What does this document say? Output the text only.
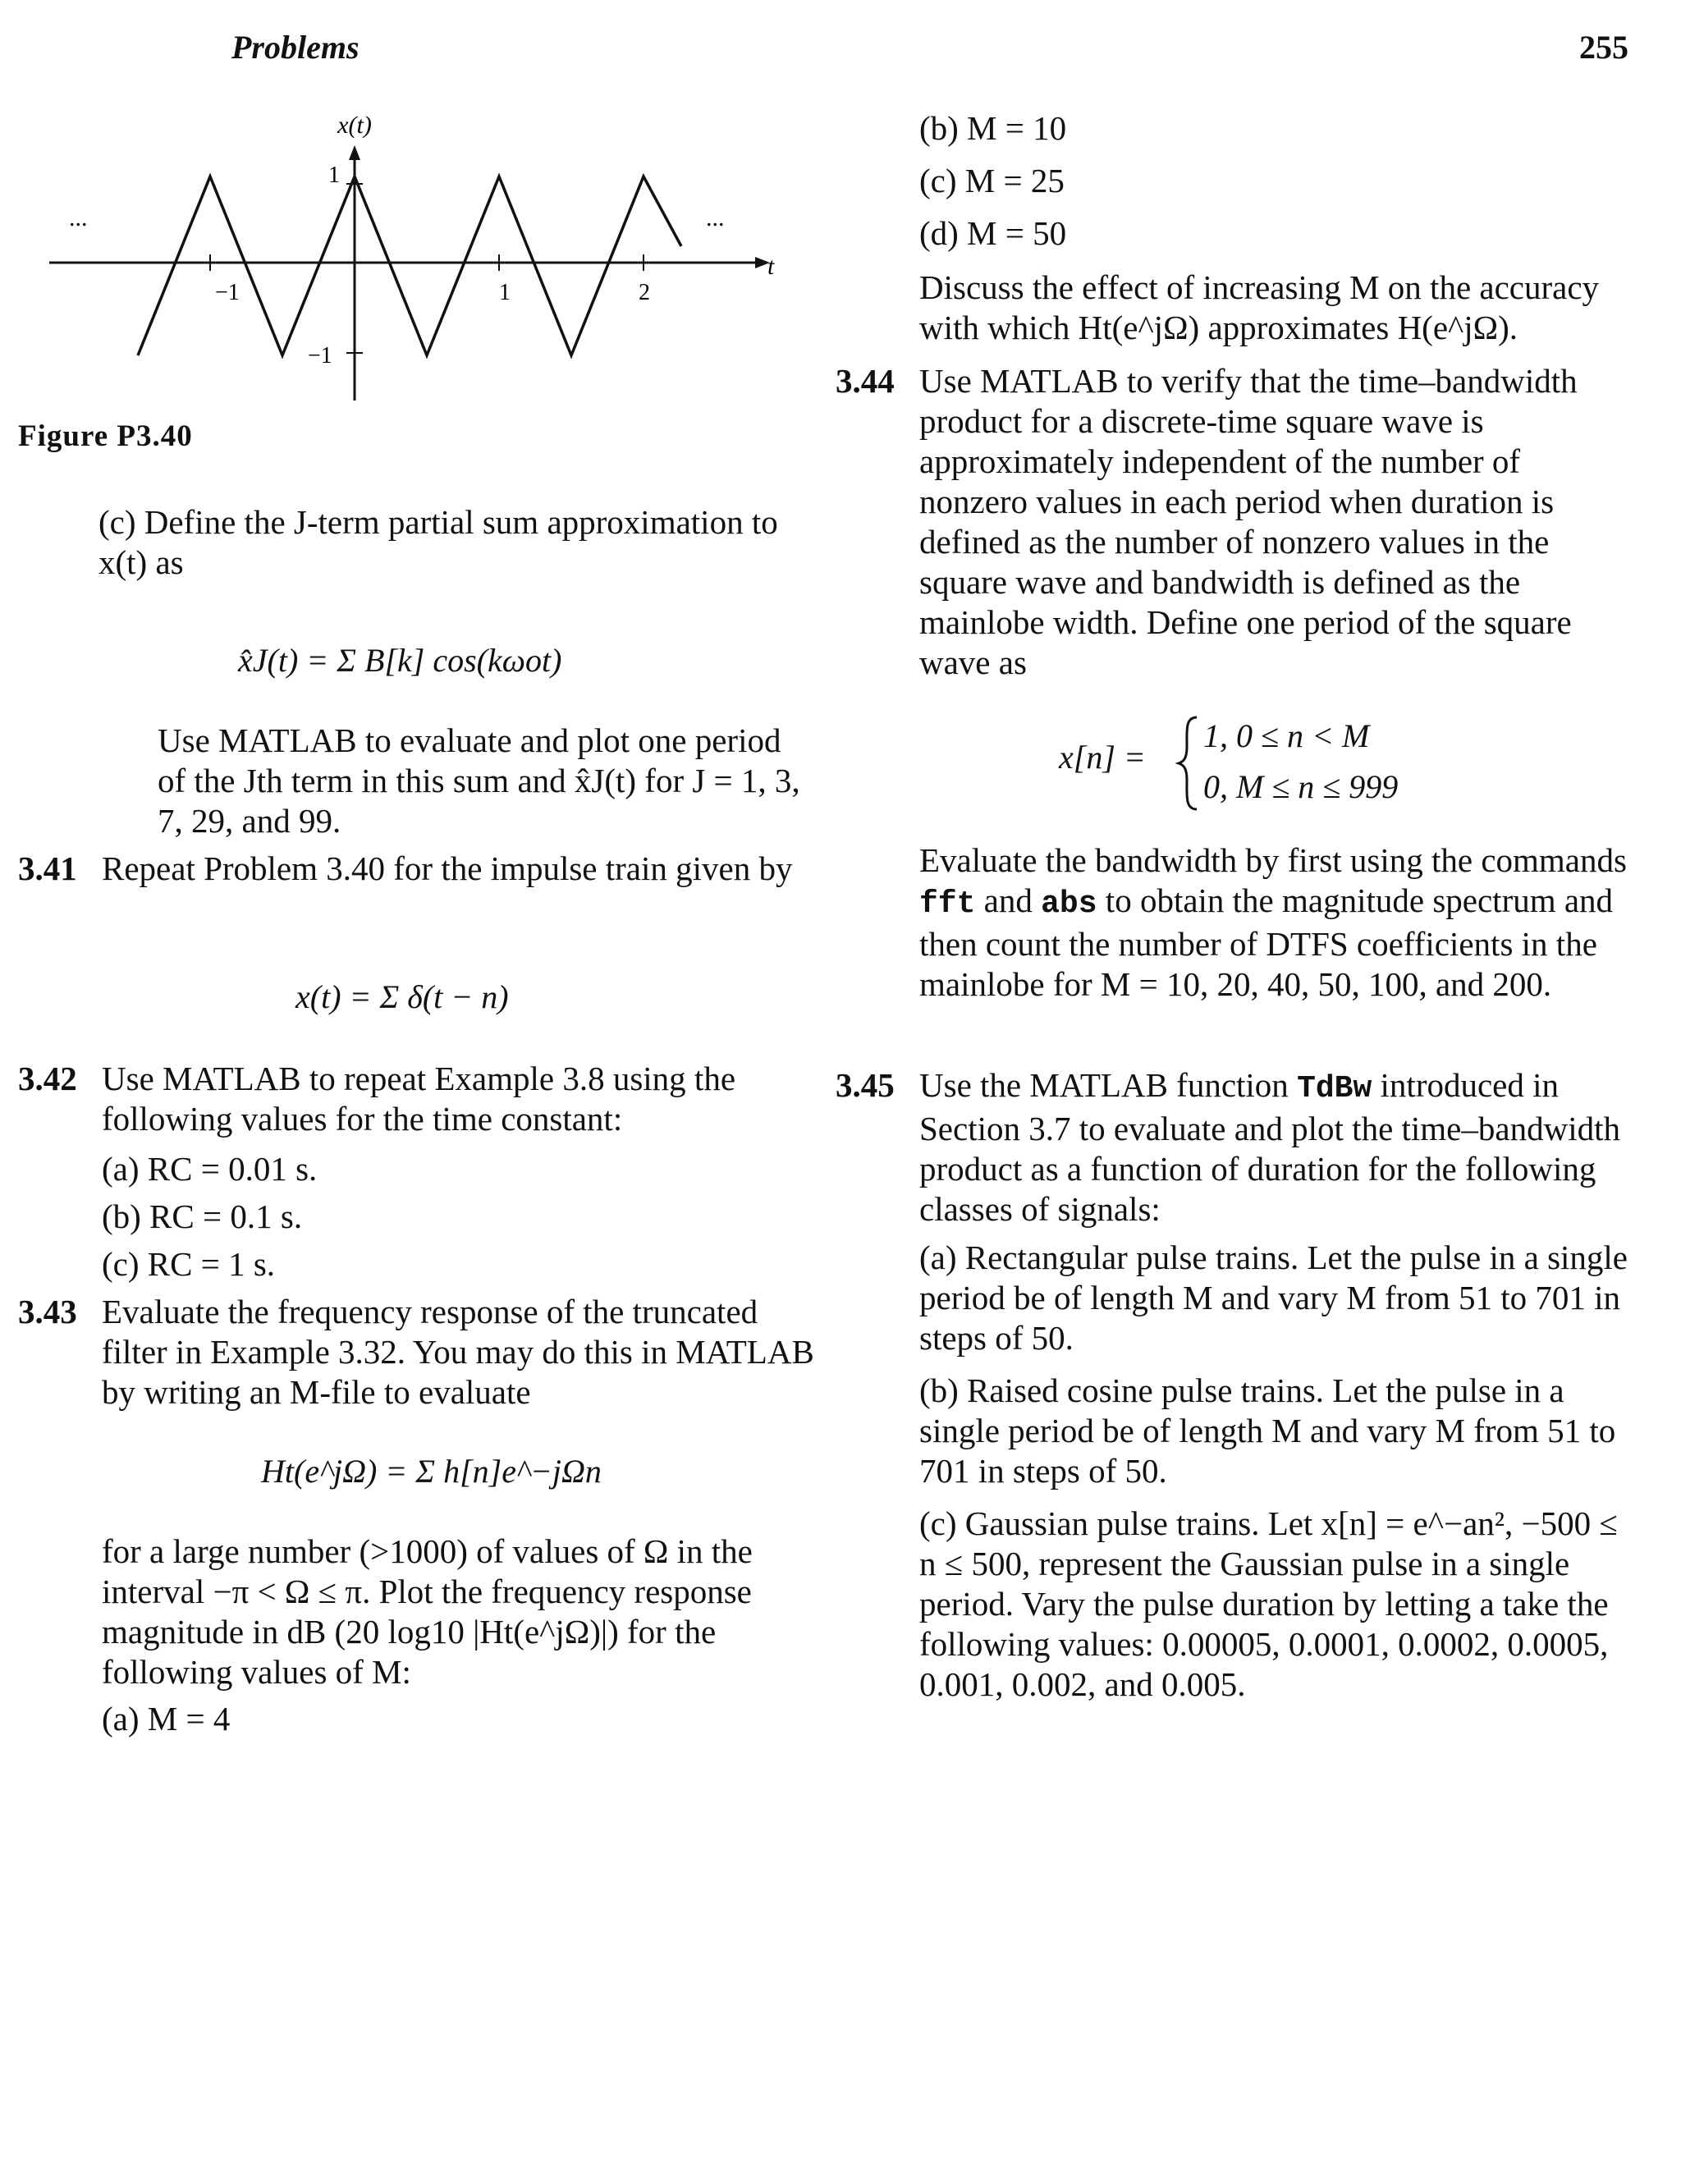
Problems	255
x(t)
t
−1	1	2
1
−1
...	...
Figure P3.40

(c) Define the J-term partial sum approximation to x(t) as

x̂J(t) = Σ B[k] cos(kωot)

Use MATLAB to evaluate and plot one period of the Jth term in this sum and x̂J(t) for J = 1, 3, 7, 29, and 99.

3.41 Repeat Problem 3.40 for the impulse train given by

x(t) = Σ δ(t − n)
3.42 Use MATLAB to repeat Example 3.8 using the following values for the time constant:

(a) RC = 0.01 s.

(b) RC = 0.1 s.

(c) RC = 1 s.

3.43 Evaluate the frequency response of the truncated filter in Example 3.32. You may do this in MATLAB by writing an M-file to evaluate

Ht(e^jΩ) = Σ h[n]e^−jΩn

for a large number (>1000) of values of Ω in the interval −π < Ω ≤ π. Plot the frequency response magnitude in dB (20 log10 |Ht(e^jΩ)|) for the following values of M:

(a) M = 4

(b) M = 10

(c) M = 25

(d) M = 50

Discuss the effect of increasing M on the accuracy with which Ht(e^jΩ) approximates H(e^jΩ).

3.44 Use MATLAB to verify that the time–bandwidth product for a discrete-time square wave is approximately independent of the number of nonzero values in each period when duration is defined as the number of nonzero values in the square wave and bandwidth is defined as the mainlobe width. Define one period of the square wave as

x[n] =
1, 0 ≤ n < M
0, M ≤ n ≤ 999

Evaluate the bandwidth by first using the commands fft and abs to obtain the magnitude spectrum and then count the number of DTFS coefficients in the mainlobe for M = 10, 20, 40, 50, 100, and 200.

3.45 Use the MATLAB function TdBw introduced in Section 3.7 to evaluate and plot the time–bandwidth product as a function of duration for the following classes of signals:

(a) Rectangular pulse trains. Let the pulse in a single period be of length M and vary M from 51 to 701 in steps of 50.

(b) Raised cosine pulse trains. Let the pulse in a single period be of length M and vary M from 51 to 701 in steps of 50.

(c) Gaussian pulse trains. Let x[n] = e^−an², −500 ≤ n ≤ 500, represent the Gaussian pulse in a single period. Vary the pulse duration by letting a take the following values: 0.00005, 0.0001, 0.0002, 0.0005, 0.001, 0.002, and 0.005.
